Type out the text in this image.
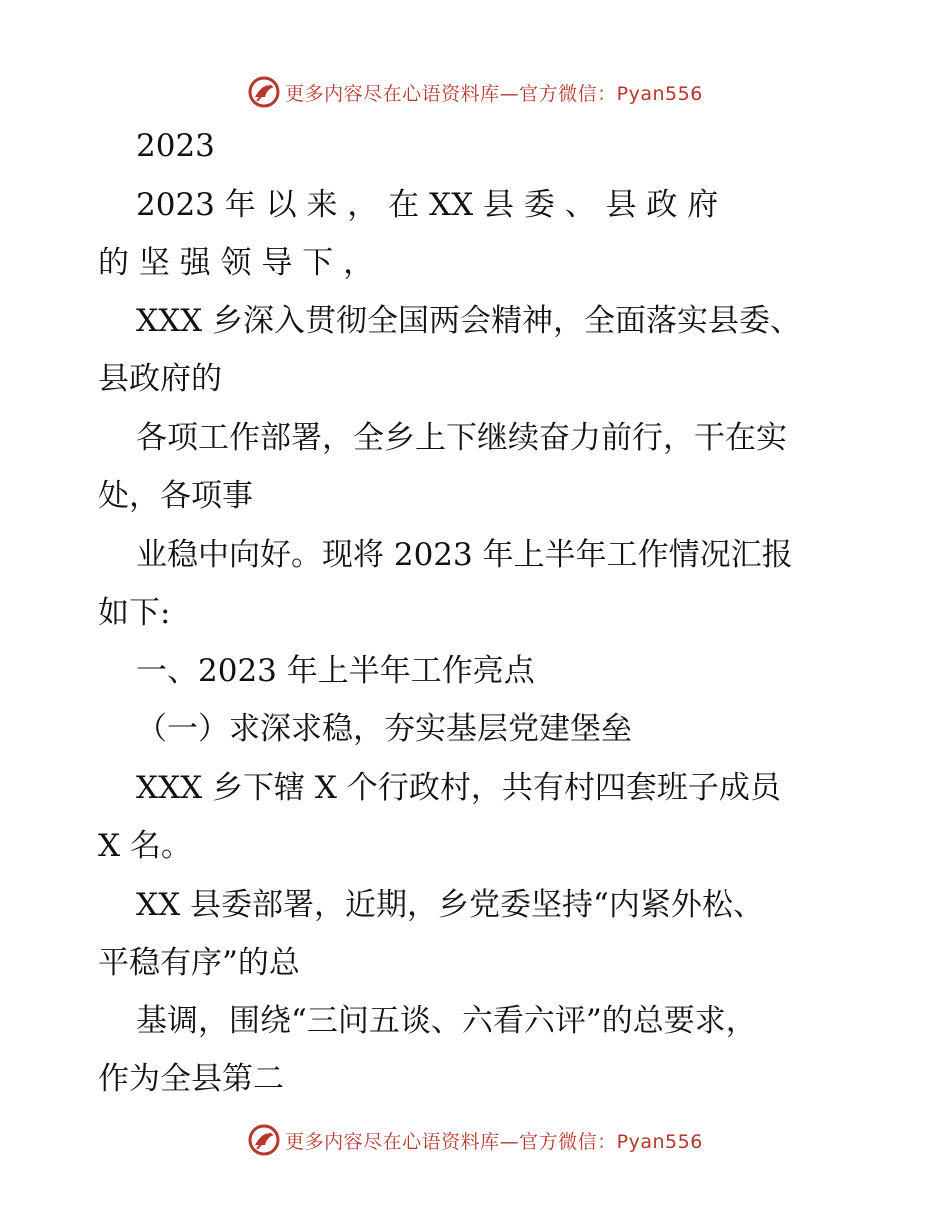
更多内容尽在心语资料库—官方微信：Pyan556
2023
2023 年 以 来 ， 在 XX 县 委 、 县 政 府
的 坚 强 领 导 下 ，
XXX 乡深入贯彻全国两会精神，全面落实县委、
县政府的
各项工作部署，全乡上下继续奋力前行，干在实
处，各项事
业稳中向好。现将 2023 年上半年工作情况汇报
如下:
一、2023 年上半年工作亮点
（一）求深求稳，夯实基层党建堡垒
XXX 乡下辖 X 个行政村，共有村四套班子成员
X 名。
XX 县委部署，近期，乡党委坚持“内紧外松、
平稳有序”的总
基调，围绕“三问五谈、六看六评”的总要求，
作为全县第二
更多内容尽在心语资料库—官方微信：Pyan556
